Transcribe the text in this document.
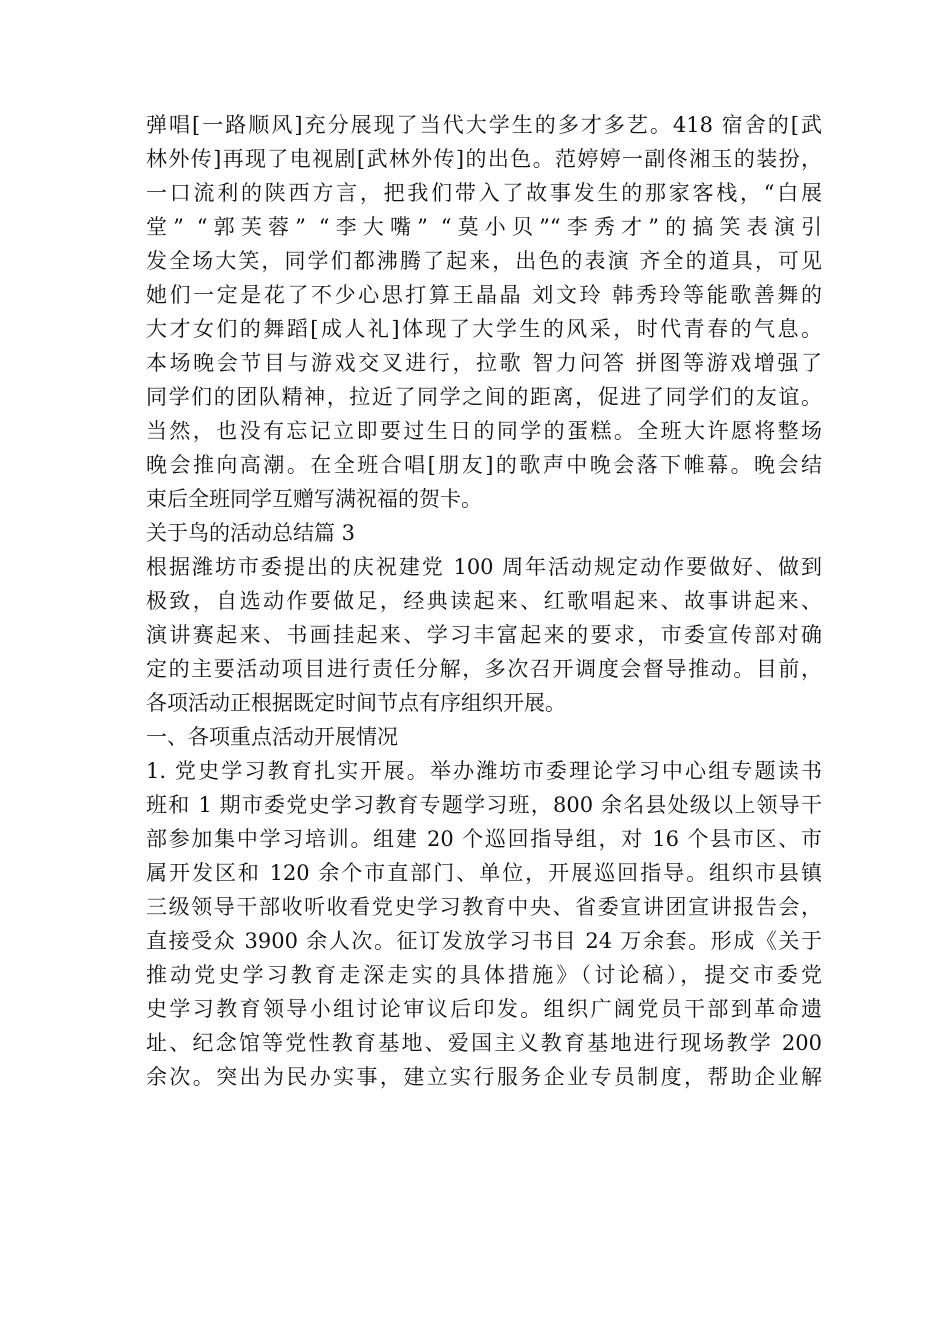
弹唱[一路顺风]充分展现了当代大学生的多才多艺。418 宿舍的[武
林外传]再现了电视剧[武林外传]的出色。范婷婷一副佟湘玉的装扮，
一口流利的陕西方言，把我们带入了故事发生的那家客栈，“白展
堂” “郭芙蓉” “李大嘴” “莫小贝”“李秀才”的搞笑表演引
发全场大笑，同学们都沸腾了起来，出色的表演 齐全的道具，可见
她们一定是花了不少心思打算王晶晶 刘文玲 韩秀玲等能歌善舞的
大才女们的舞蹈[成人礼]体现了大学生的风采，时代青春的气息。
本场晚会节目与游戏交叉进行，拉歌 智力问答 拼图等游戏增强了
同学们的团队精神，拉近了同学之间的距离，促进了同学们的友谊。
当然，也没有忘记立即要过生日的同学的蛋糕。全班大许愿将整场
晚会推向高潮。在全班合唱[朋友]的歌声中晚会落下帷幕。晚会结
束后全班同学互赠写满祝福的贺卡。
关于鸟的活动总结篇 3
根据潍坊市委提出的庆祝建党 100 周年活动规定动作要做好、做到
极致，自选动作要做足，经典读起来、红歌唱起来、故事讲起来、
演讲赛起来、书画挂起来、学习丰富起来的要求，市委宣传部对确
定的主要活动项目进行责任分解，多次召开调度会督导推动。目前，
各项活动正根据既定时间节点有序组织开展。
一、各项重点活动开展情况
1. 党史学习教育扎实开展。举办潍坊市委理论学习中心组专题读书
班和 1 期市委党史学习教育专题学习班，800 余名县处级以上领导干
部参加集中学习培训。组建 20 个巡回指导组，对 16 个县市区、市
属开发区和 120 余个市直部门、单位，开展巡回指导。组织市县镇
三级领导干部收听收看党史学习教育中央、省委宣讲团宣讲报告会，
直接受众 3900 余人次。征订发放学习书目 24 万余套。形成《关于
推动党史学习教育走深走实的具体措施》（讨论稿），提交市委党
史学习教育领导小组讨论审议后印发。组织广阔党员干部到革命遗
址、纪念馆等党性教育基地、爱国主义教育基地进行现场教学 200
余次。突出为民办实事，建立实行服务企业专员制度，帮助企业解
